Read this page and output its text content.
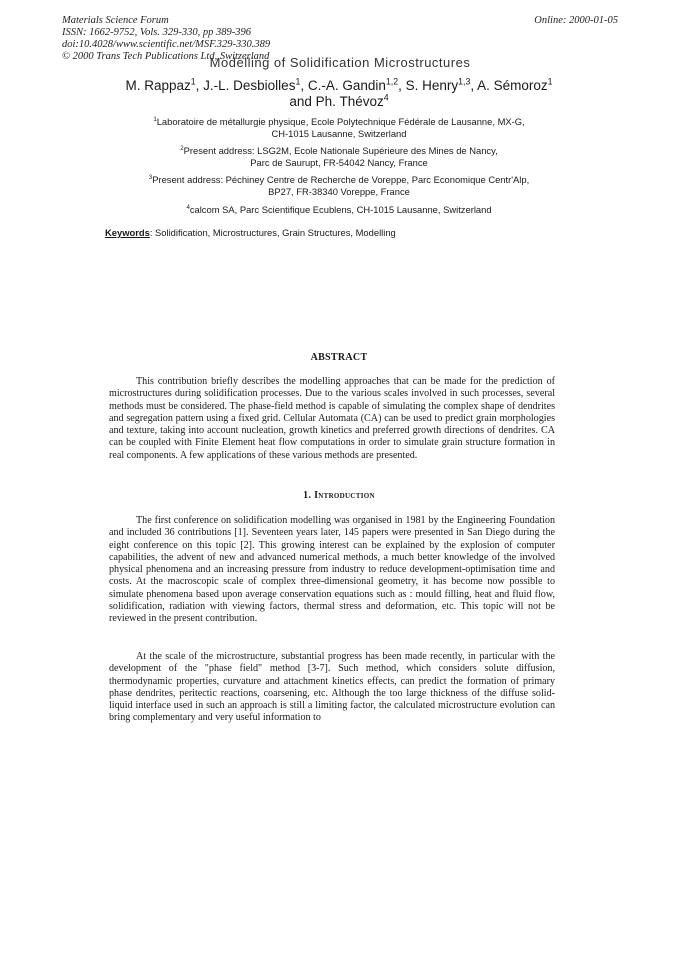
Materials Science Forum
ISSN: 1662-9752, Vols. 329-330, pp 389-396
doi:10.4028/www.scientific.net/MSF.329-330.389
© 2000 Trans Tech Publications Ltd, Switzerland
Online: 2000-01-05
Modelling of Solidification Microstructures
M. Rappaz$^1$, J.-L. Desbiolles$^1$, C.-A. Gandin$^{1,2}$, S. Henry$^{1,3}$, A. Sémoroz$^1$
and Ph. Thévoz$^4$
$^1$Laboratoire de métallurgie physique, Ecole Polytechnique Fédérale de Lausanne, MX-G,
CH-1015 Lausanne, Switzerland
$^2$Present address: LSG2M, Ecole Nationale Supérieure des Mines de Nancy,
Parc de Saurupt, FR-54042 Nancy, France
$^3$Present address: Péchiney Centre de Recherche de Voreppe, Parc Economique Centr'Alp,
BP27, FR-38340 Voreppe, France
$^4$calcom SA, Parc Scientifique Ecublens, CH-1015 Lausanne, Switzerland
Keywords: Solidification, Microstructures, Grain Structures, Modelling
ABSTRACT

This contribution briefly describes the modelling approaches that can be made for the prediction of microstructures during solidification processes. Due to the various scales involved in such processes, several methods must be considered. The phase-field method is capable of simulating the complex shape of dendrites and segregation pattern using a fixed grid. Cellular Automata (CA) can be used to predict grain morphologies and texture, taking into account nucleation, growth kinetics and preferred growth directions of dendrites. CA can be coupled with Finite Element heat flow computations in order to simulate grain structure formation in real components. A few applications of these various methods are presented.

1. Introduction

The first conference on solidification modelling was organised in 1981 by the Engineering Foundation and included 36 contributions [1]. Seventeen years later, 145 papers were presented in San Diego during the eight conference on this topic [2]. This growing interest can be explained by the explosion of computer capabilities, the advent of new and advanced numerical methods, a much better knowledge of the involved physical phenomena and an increasing pressure from industry to reduce development-optimisation time and costs. At the macroscopic scale of complex three-dimensional geometry, it has become now possible to simulate phenomena based upon average conservation equations such as : mould filling, heat and fluid flow, solidification, radiation with viewing factors, thermal stress and deformation, etc. This topic will not be reviewed in the present contribution.

At the scale of the microstructure, substantial progress has been made recently, in particular with the development of the "phase field" method [3-7]. Such method, which considers solute diffusion, thermodynamic properties, curvature and attachment kinetics effects, can predict the formation of primary phase dendrites, peritectic reactions, coarsening, etc. Although the too large thickness of the diffuse solid-liquid interface used in such an approach is still a limiting factor, the calculated microstructure evolution can bring complementary and very useful information to
